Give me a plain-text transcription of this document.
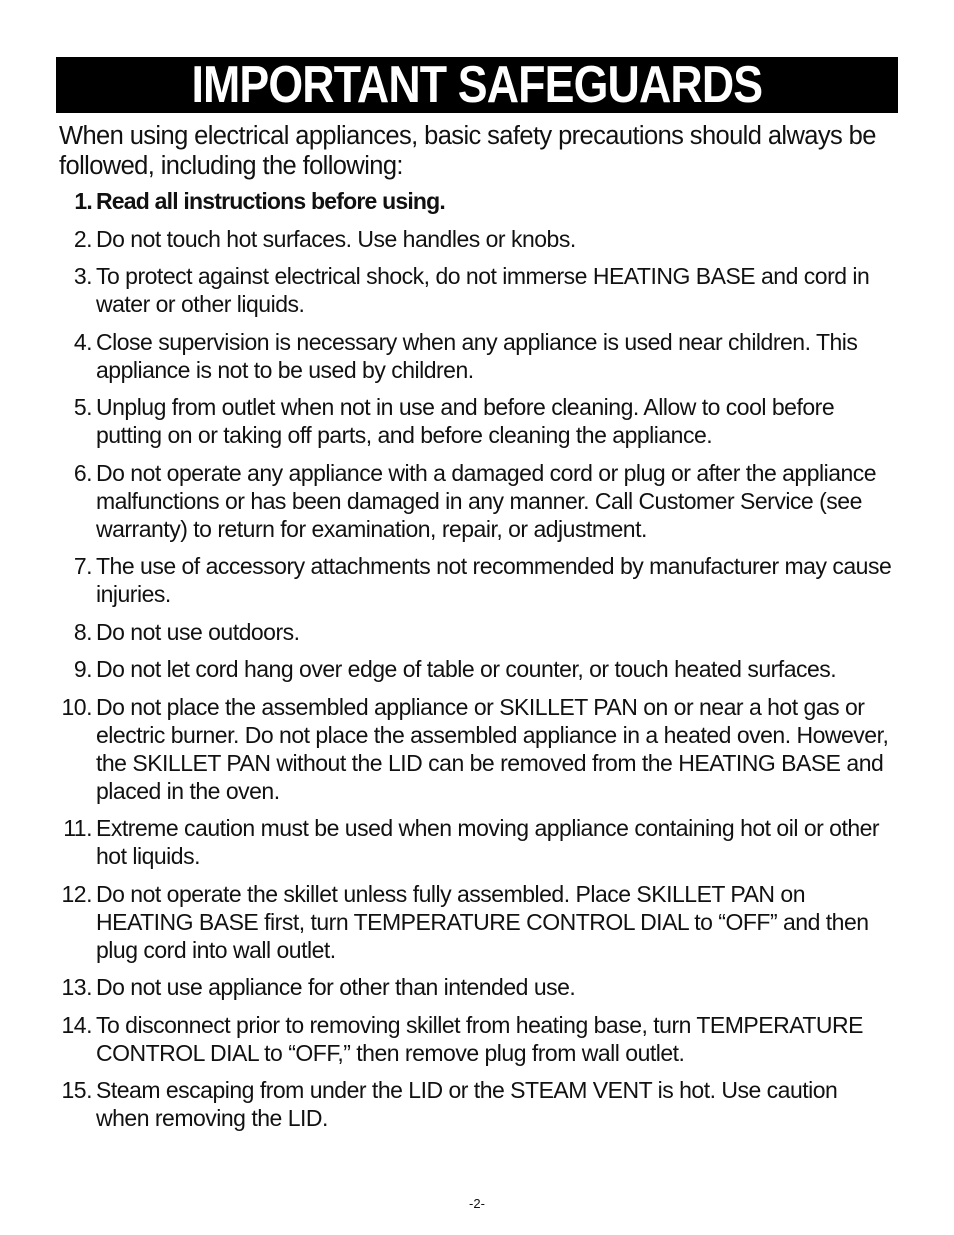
IMPORTANT SAFEGUARDS
When using electrical appliances, basic safety precautions should always be followed, including the following:
1. Read all instructions before using.
2. Do not touch hot surfaces. Use handles or knobs.
3. To protect against electrical shock, do not immerse HEATING BASE and cord in water or other liquids.
4. Close supervision is necessary when any appliance is used near children. This appliance is not to be used by children.
5. Unplug from outlet when not in use and before cleaning. Allow to cool before putting on or taking off parts, and before cleaning the appliance.
6. Do not operate any appliance with a damaged cord or plug or after the appliance malfunctions or has been damaged in any manner. Call Customer Service (see warranty) to return for examination, repair, or adjustment.
7. The use of accessory attachments not recommended by manufacturer may cause injuries.
8. Do not use outdoors.
9. Do not let cord hang over edge of table or counter, or touch heated surfaces.
10. Do not place the assembled appliance or SKILLET PAN on or near a hot gas or electric burner. Do not place the assembled appliance in a heated oven. However, the SKILLET PAN without the LID can be removed from the HEATING BASE and placed in the oven.
11. Extreme caution must be used when moving appliance containing hot oil or other hot liquids.
12. Do not operate the skillet unless fully assembled. Place SKILLET PAN on HEATING BASE first, turn TEMPERATURE CONTROL DIAL to “OFF” and then plug cord into wall outlet.
13. Do not use appliance for other than intended use.
14. To disconnect prior to removing skillet from heating base, turn TEMPERATURE CONTROL DIAL to “OFF,” then remove plug from wall outlet.
15. Steam escaping from under the LID or the STEAM VENT is hot. Use caution when removing the LID.
-2-
